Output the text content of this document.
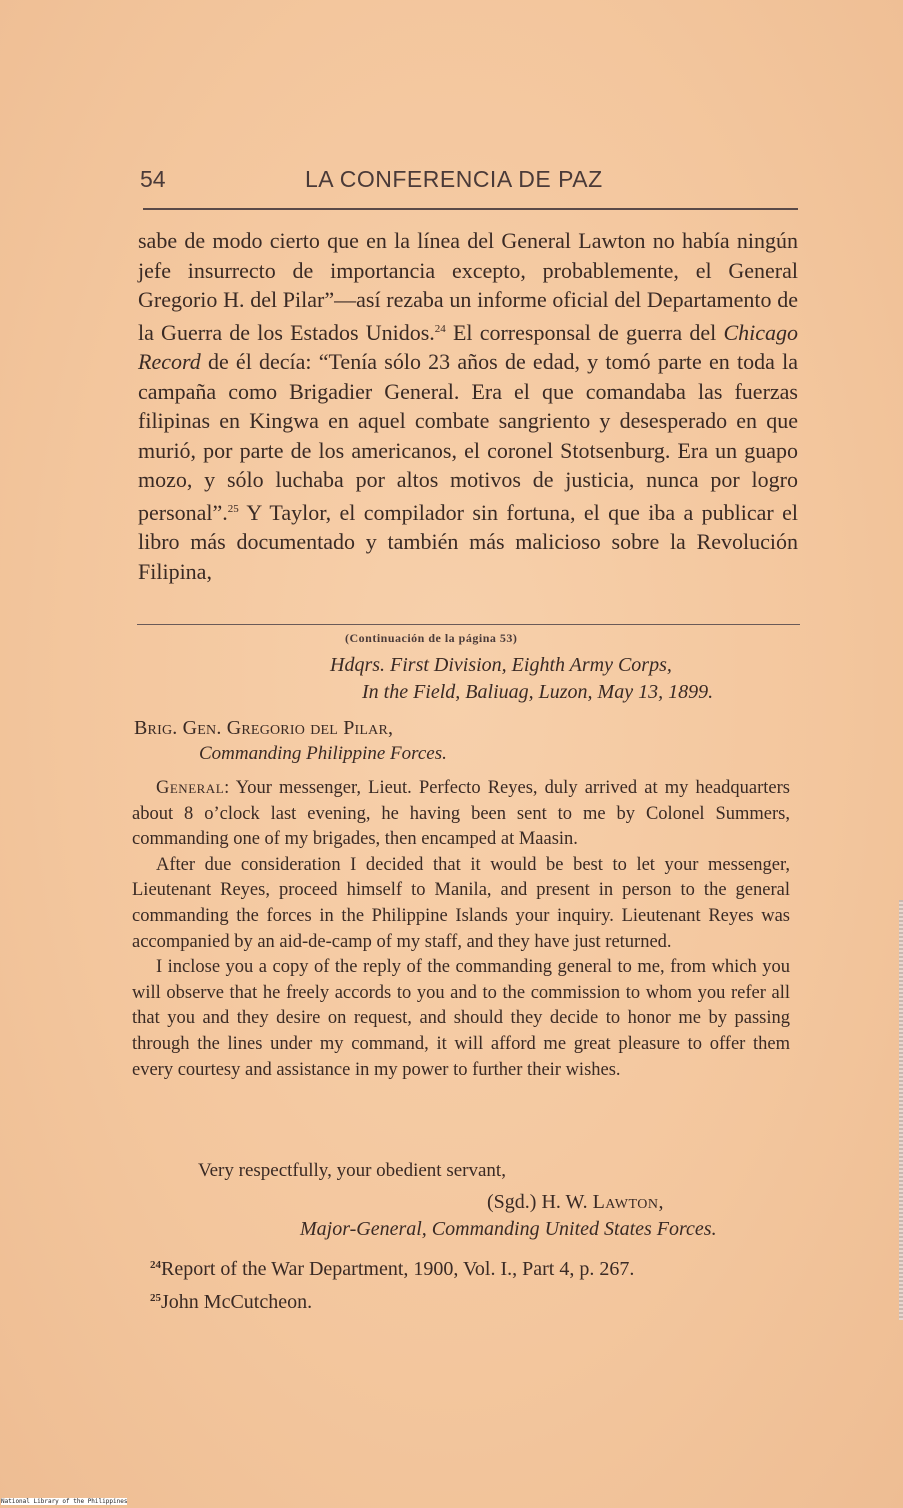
54	LA CONFERENCIA DE PAZ
sabe de modo cierto que en la línea del General Lawton no había ningún jefe insurrecto de importancia excepto, probablemente, el General Gregorio H. del Pilar”—así rezaba un informe oficial del Departamento de la Guerra de los Estados Unidos.$^{24}$ El corresponsal de guerra del Chicago Record de él decía: “Tenía sólo 23 años de edad, y tomó parte en toda la campaña como Brigadier General. Era el que comandaba las fuerzas filipinas en Kingwa en aquel combate sangriento y desesperado en que murió, por parte de los americanos, el coronel Stotsenburg. Era un guapo mozo, y sólo luchaba por altos motivos de justicia, nunca por logro personal”.$^{25}$ Y Taylor, el compilador sin fortuna, el que iba a publicar el libro más documentado y también más malicioso sobre la Revolución Filipina,
(Continuación de la página 53)
Hdqrs. First Division, Eighth Army Corps,
In the Field, Baliuag, Luzon, May 13, 1899.
Brig. Gen. Gregorio del Pilar,
Commanding Philippine Forces.

General: Your messenger, Lieut. Perfecto Reyes, duly arrived at my headquarters about 8 o’clock last evening, he having been sent to me by Colonel Summers, commanding one of my brigades, then encamped at Maasin.

After due consideration I decided that it would be best to let your messenger, Lieutenant Reyes, proceed himself to Manila, and present in person to the general commanding the forces in the Philippine Islands your inquiry. Lieutenant Reyes was accompanied by an aid-de-camp of my staff, and they have just returned.

I inclose you a copy of the reply of the commanding general to me, from which you will observe that he freely accords to you and to the commission to whom you refer all that you and they desire on request, and should they decide to honor me by passing through the lines under my command, it will afford me great pleasure to offer them every courtesy and assistance in my power to further their wishes.

Very respectfully, your obedient servant,
(Sgd.) H. W. Lawton,
Major-General, Commanding United States Forces.
$^{24}$Report of the War Department, 1900, Vol. I., Part 4, p. 267.
$^{25}$John McCutcheon.
National Library of the Philippines
